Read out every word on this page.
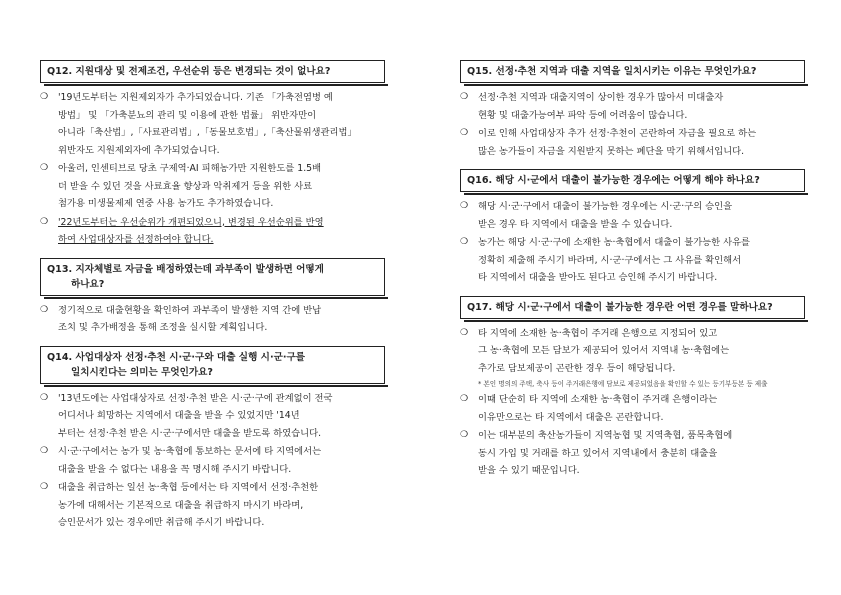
Q12. 지원대상 및 전제조건, 우선순위 등은 변경되는 것이 없나요?
❍ '19년도부터는 지원제외자가 추가되었습니다. 기존 「가축전염병 예
방법」 및 「가축분뇨의 관리 및 이용에 관한 법률」 위반자만이
아니라「축산법」,「사료관리법」,「동물보호법」,「축산물위생관리법」
위반자도 지원제외자에 추가되었습니다.
❍ 아울러, 인센티브로 당초 구제역·AI 피해농가만 지원한도를 1.5배
더 받을 수 있던 것을 사료효율 향상과 악취제거 등을 위한 사료
첨가용 미생물제제 연중 사용 농가도 추가하였습니다.
❍ '22년도부터는 우선순위가 개편되었으니, 변경된 우선순위를 반영
하여 사업대상자를 선정하여야 합니다.
Q13. 지자체별로 자금을 배정하였는데 과부족이 발생하면 어떻게
하나요?
❍ 정기적으로 대출현황을 확인하여 과부족이 발생한 지역 간에 반납
조치 및 추가배정을 통해 조정을 실시할 계획입니다.
Q14. 사업대상자 선정·추천 시·군·구와 대출 실행 시·군·구를
일치시킨다는 의미는 무엇인가요?
❍ '13년도에는 사업대상자로 선정·추천 받은 시·군·구에 관계없이 전국
어디서나 희망하는 지역에서 대출을 받을 수 있었지만 '14년
부터는 선정·추천 받은 시·군·구에서만 대출을 받도록 하였습니다.
❍ 시·군·구에서는 농가 및 농·축협에 통보하는 문서에 타 지역에서는
대출을 받을 수 없다는 내용을 꼭 명시해 주시기 바랍니다.
❍ 대출을 취급하는 일선 농·축협 등에서는 타 지역에서 선정·추천한
농가에 대해서는 기본적으로 대출을 취급하지 마시기 바라며,
승인문서가 있는 경우에만 취급해 주시기 바랍니다.
Q15. 선정·추천 지역과 대출 지역을 일치시키는 이유는 무엇인가요?
❍ 선정·추천 지역과 대출지역이 상이한 경우가 많아서 미대출자
현황 및 대출가능여부 파악 등에 어려움이 많습니다.
❍ 이로 인해 사업대상자 추가 선정·추천이 곤란하여 자금을 필요로 하는
많은 농가들이 자금을 지원받지 못하는 폐단을 막기 위해서입니다.
Q16. 해당 시·군에서 대출이 불가능한 경우에는 어떻게 해야 하나요?
❍ 해당 시·군·구에서 대출이 불가능한 경우에는 시·군·구의 승인을
받은 경우 타 지역에서 대출을 받을 수 있습니다.
❍ 농가는 해당 시·군·구에 소재한 농·축협에서 대출이 불가능한 사유를
정확히 제출해 주시기 바라며, 시·군·구에서는 그 사유를 확인해서
타 지역에서 대출을 받아도 된다고 승인해 주시기 바랍니다.
Q17. 해당 시·군·구에서 대출이 불가능한 경우란 어떤 경우를 말하나요?
❍ 타 지역에 소재한 농·축협이 주거래 은행으로 지정되어 있고
그 농·축협에 모든 담보가 제공되어 있어서 지역내 농·축협에는
추가로 담보제공이 곤란한 경우 등이 해당됩니다.
* 본인 명의의 주택, 축사 등이 주거래은행에 담보로 제공되었음을 확인할 수 있는 등기부등본 등 제출
❍ 이때 단순히 타 지역에 소재한 농·축협이 주거래 은행이라는
이유만으로는 타 지역에서 대출은 곤란합니다.
❍ 이는 대부분의 축산농가들이 지역농협 및 지역축협, 품목축협에
동시 가입 및 거래를 하고 있어서 지역내에서 충분히 대출을
받을 수 있기 때문입니다.
